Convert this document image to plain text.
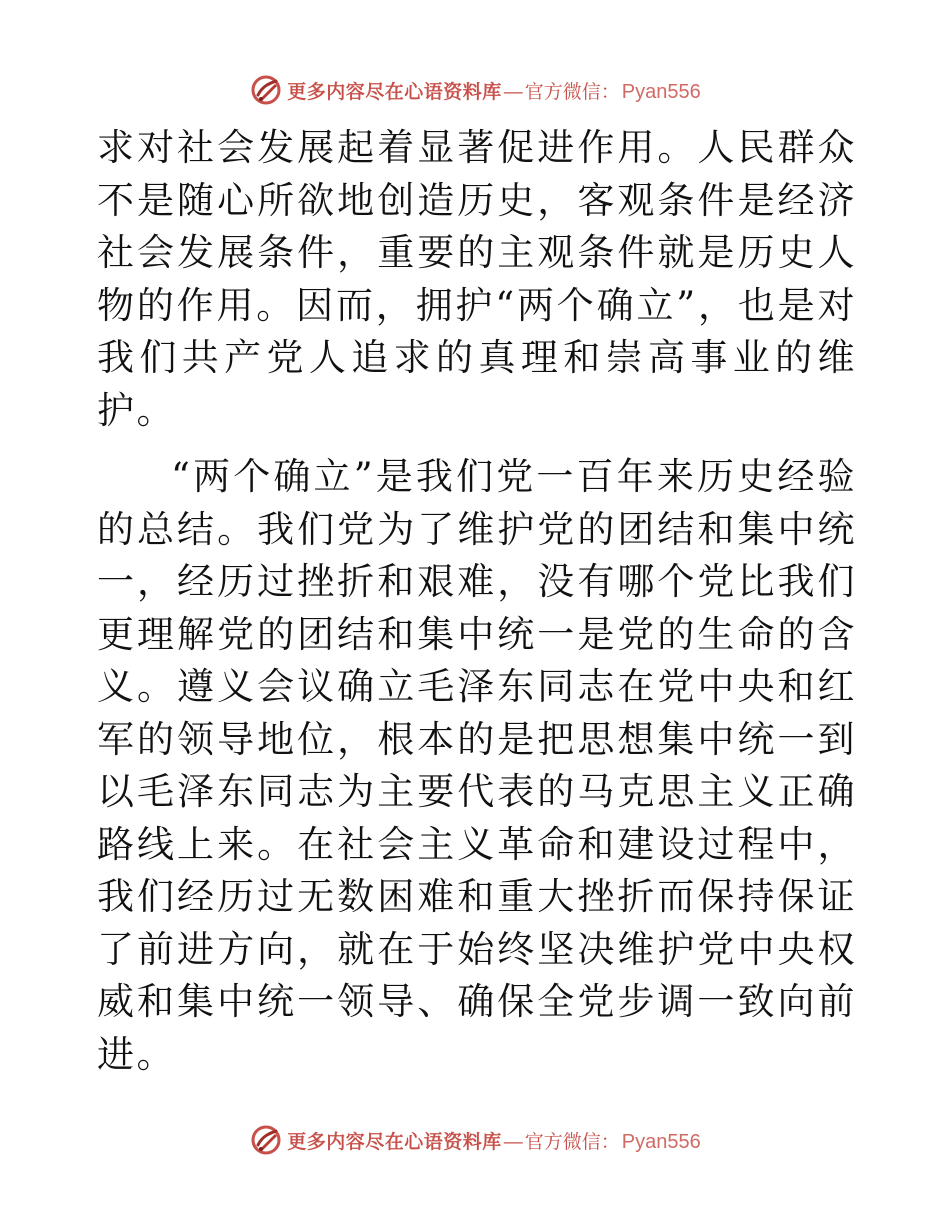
更多内容尽在心语资料库 — 官方微信： Pyan556

求对社会发展起着显著促进作用。人民群众不是随心所欲地创造历史，客观条件是经济社会发展条件，重要的主观条件就是历史人物的作用。因而，拥护“两个确立”，也是对我们共产党人追求的真理和崇高事业的维护。

“两个确立”是我们党一百年来历史经验的总结。我们党为了维护党的团结和集中统一，经历过挫折和艰难，没有哪个党比我们更理解党的团结和集中统一是党的生命的含义。遵义会议确立毛泽东同志在党中央和红军的领导地位，根本的是把思想集中统一到以毛泽东同志为主要代表的马克思主义正确路线上来。在社会主义革命和建设过程中，我们经历过无数困难和重大挫折而保持保证了前进方向，就在于始终坚决维护党中央权威和集中统一领导、确保全党步调一致向前进。

更多内容尽在心语资料库 — 官方微信： Pyan556
